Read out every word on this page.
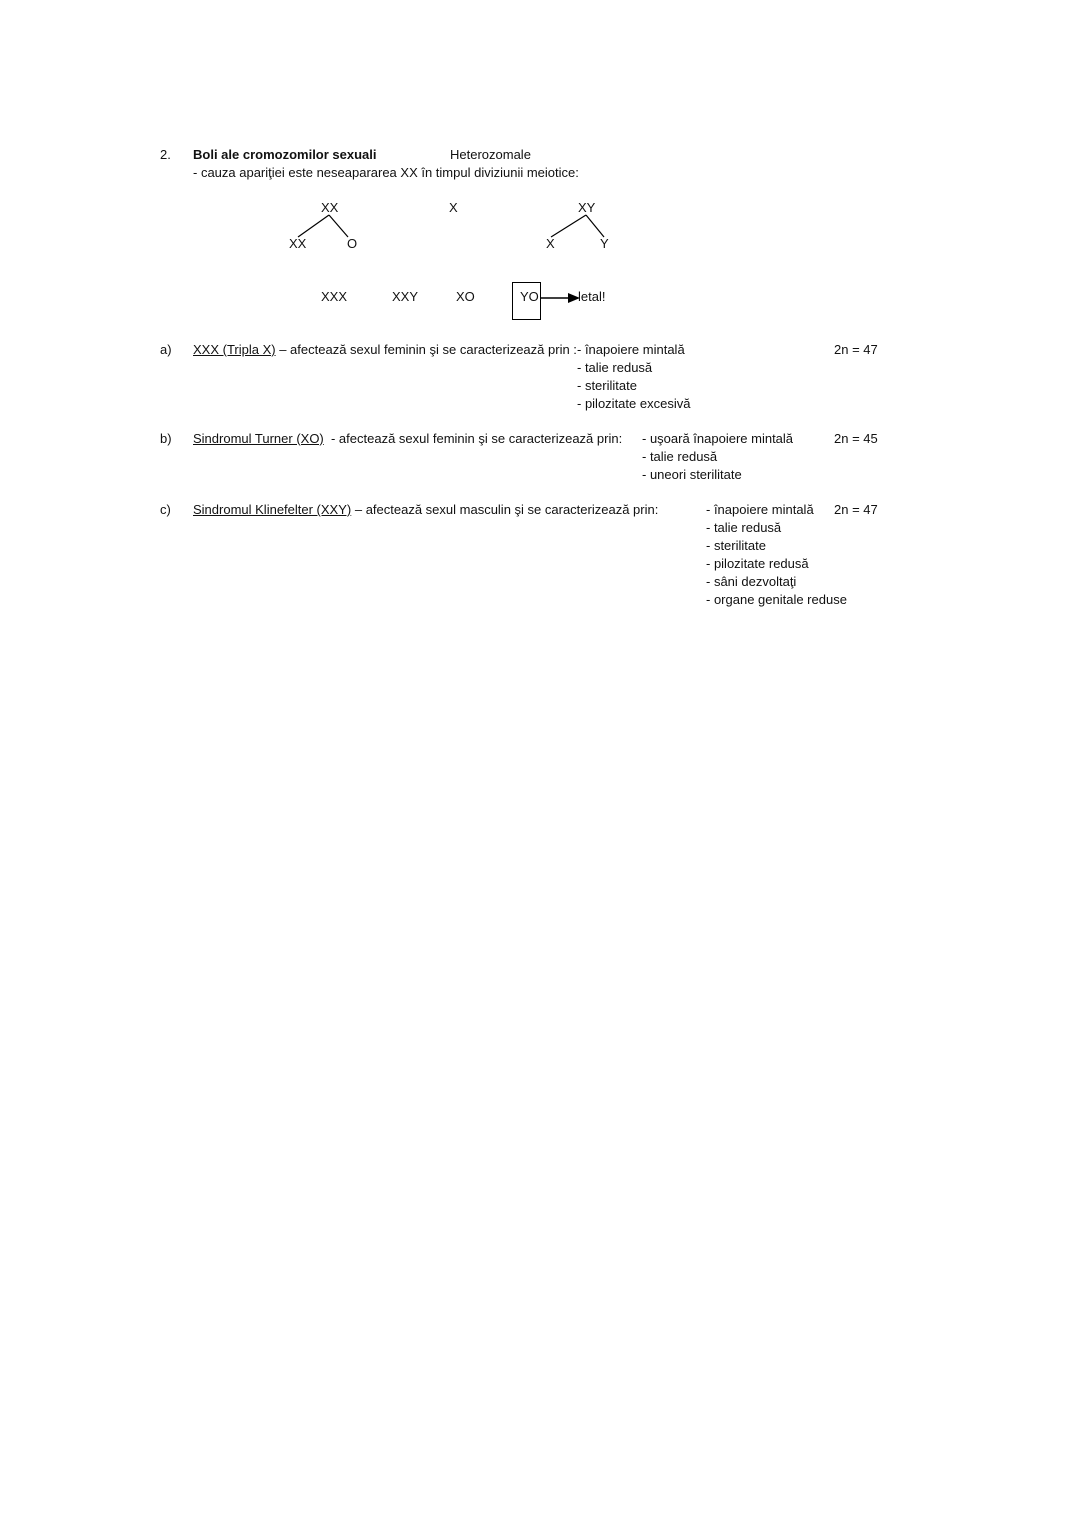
2. Boli ale cromozomilor sexuali	Heterozomale
- cauza apariţiei este neseapararea XX în timpul diviziunii meiotice:
XX
XX	O
X	XY
X	Y
XXX	XXY	XO	YO	letal!
a) XXX (Tripla X) – afectează sexul feminin şi se caracterizează prin : - înapoiere mintală
- talie redusă
- sterilitate
- pilozitate excesivă
2n = 47
b) Sindromul Turner (XO)  - afectează sexul feminin şi se caracterizează prin: - uşoară înapoiere mintală
- talie redusă
- uneori sterilitate
2n = 45
c) Sindromul Klinefelter (XXY) – afectează sexul masculin şi se caracterizează prin:	- înapoiere mintală
- talie redusă
- sterilitate
- pilozitate redusă
- sâni dezvoltaţi
- organe genitale reduse
2n = 47
